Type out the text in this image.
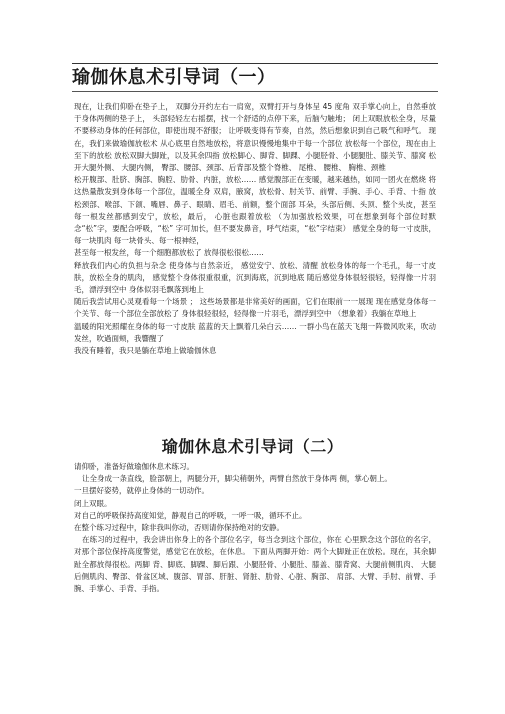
瑜伽休息术引导词（一）

现在，让我们仰卧在垫子上， 双脚分开约左右一肩宽，双臂打开与身体呈 45 度角 双手掌心向上，自然垂放于身体两侧的垫子上， 头部轻轻左右摇摆，找一个舒适的点停下来，后脑勺触地； 闭上双眼放松全身，尽量不要移动身体的任何部位，即使出现不舒服； 让呼吸变得有节奏，自然，然后想象识到自己吸气和呼气。 现在，我们来做瑜伽放松术 从心底里自然地放松，将意识慢慢地集中于每一个部位 放松每一个部位，现在由上至下的放松 放松双脚大脚趾，以及其余四指 放松脚心、脚背、脚踝、小腿胫骨、小腿腿肚、膝关节、膝窝 松开大腿外侧、 大腿内侧， 臀部、腰部、颈部、后背部及整个脊椎、 尾椎、 腰椎、 胸椎、颈椎

松开腹部、肚脐、胸部、胸腔、肋骨、内脏，放松…… 感觉腹部正在变暖，越来越热，如同一团火在燃烧 将这热量散发到身体每一个部位，温暖全身 双肩，腋窝，放松骨、肘关节、前臂、手腕、手心、手背、十指 放松颈部、喉部、下颌、嘴唇、鼻子、眼睛、眉毛、前额，整个面部 耳朵，头部后侧、头顶、整个头皮，甚至每一根发丝都感到安宁，放松，最后， 心脏也跟着放松 （为加强放松效果，可在想象到每个部位时默念“松”字，要配合呼吸，“松” 字可加长，但不要发鼻音，呼气结束，“松”字结束） 感觉全身的每一寸皮肤，每一块肌肉 每一块骨头、每一根神经，

甚至每一根发丝，每一个细胞都放松了 放得很松很松……

释放我们内心的负担与杂念 使身体与自然亲近， 感觉安宁、放松、清醒 放松身体的每一个毛孔，每一寸皮肤，放松全身的肌肉， 感觉整个身体很重很重，沉到海底，沉到地底 随后感觉身体很轻很轻，轻得像一片羽毛，漂浮到空中 身体似羽毛飘落到地上

随后我尝试用心灵观看每一个场景 ； 这些场景都是非常美好的画面，它们在眼前一一展现 现在感觉身体每一个关节、每一个部位全部放松了 身体很轻很轻，轻得像一片羽毛，漂浮到空中 （想象着）我躺在草地上

温暖的阳光照耀在身体的每一寸皮肤 蓝蓝的天上飘着几朵白云…… 一群小鸟在蓝天飞翔一阵微风吹来，吹动发丝，吹過面颊，我響醒了

我没有睡着，我只是躺在草地上做瑜伽休息

瑜伽休息术引导词（二）

请仰卧，准备好做瑜伽休息术练习。

让全身成一条直线，脸部朝上，两腿分开，脚尖稍朝外，两臂自然放于身体两 侧，掌心朝上。

一旦摆好姿势，就停止身体的一切动作。

闭上双眼。

对自己的呼吸保持高度知觉，静观自己的呼吸，一呼一吸，循环不止。

在整个练习过程中，除非我叫你动，否则请你保持绝对的安静。

在练习的过程中，我会讲出你身上的各个部位名字，每当念到这个部位，你在 心里默念这个部位的名字，对那个部位保持高度警觉，感觉它在放松，在休息。 下面从两脚开始：两个大脚趾正在放松。现在，其余脚趾全都放得很松。两脚 背、脚底、脚踝、脚后跟、小腿胫骨、小腿肚、膝盖、膝背窝、大腿前侧肌肉、 大腿后侧肌肉、臀部、骨盆区域、腹部、胃部、肝脏、肾脏、肋骨、心脏、胸部、 肩部、大臂、手肘、前臂、手腕、手掌心、手背、手指。
